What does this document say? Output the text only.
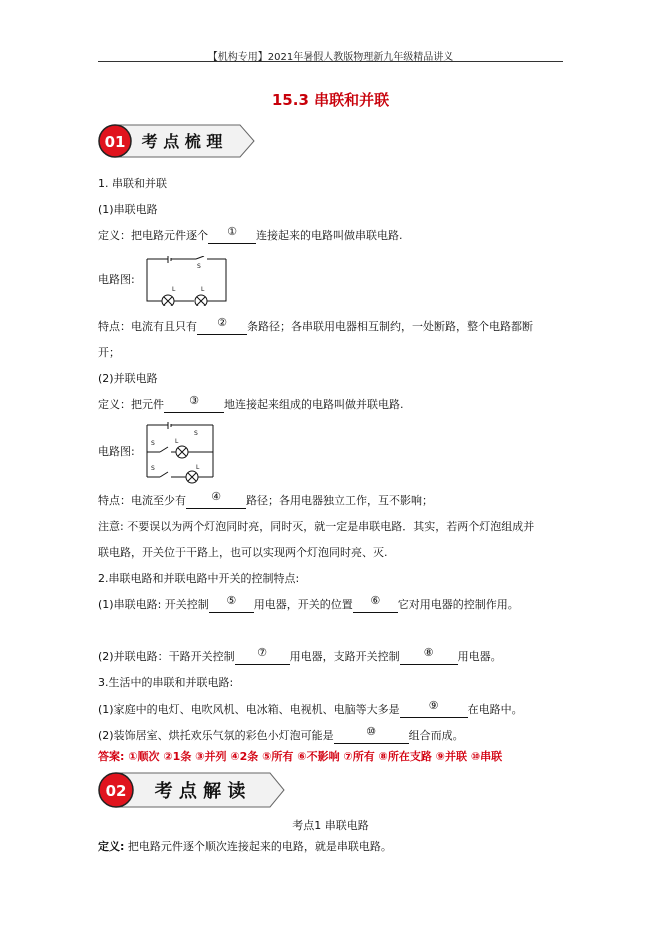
【机构专用】2021年暑假人教版物理新九年级精品讲义
15.3 串联和并联
01 考 点 梳 理
1. 串联和并联
(1)串联电路
定义：把电路元件逐个 ① 连接起来的电路叫做串联电路.
电路图:
L	L
S
特点：电流有且只有 ② 条路径；各串联用电器相互制约，一处断路，整个电路都断
开；
(2)并联电路
定义：把元件 ③ 地连接起来组成的电路叫做并联电路.
电路图:
S	L
S
S	L
特点：电流至少有 ④ 路径；各用电器独立工作，互不影响；
注意: 不要误以为两个灯泡同时亮，同时灭，就一定是串联电路．其实，若两个灯泡组成并
联电路，开关位于干路上，也可以实现两个灯泡同时亮、灭.
2.串联电路和并联电路中开关的控制特点:
(1)串联电路: 开关控制 ⑤ 用电器，开关的位置 ⑥ 它对用电器的控制作用。
(2)并联电路：干路开关控制 ⑦ 用电器，支路开关控制 ⑧ 用电器。
3.生活中的串联和并联电路:
(1)家庭中的电灯、电吹风机、电冰箱、电视机、电脑等大多是	⑨	在电路中。
(2)装饰居室、烘托欢乐气氛的彩色小灯泡可能是	⑩	组合而成。
答案: ①顺次 ②1条 ③并列 ④2条 ⑤所有 ⑥不影响 ⑦所有 ⑧所在支路 ⑨并联 ⑩串联
02 考 点 解 读
考点1 串联电路
定义: 把电路元件逐个顺次连接起来的电路，就是串联电路。
